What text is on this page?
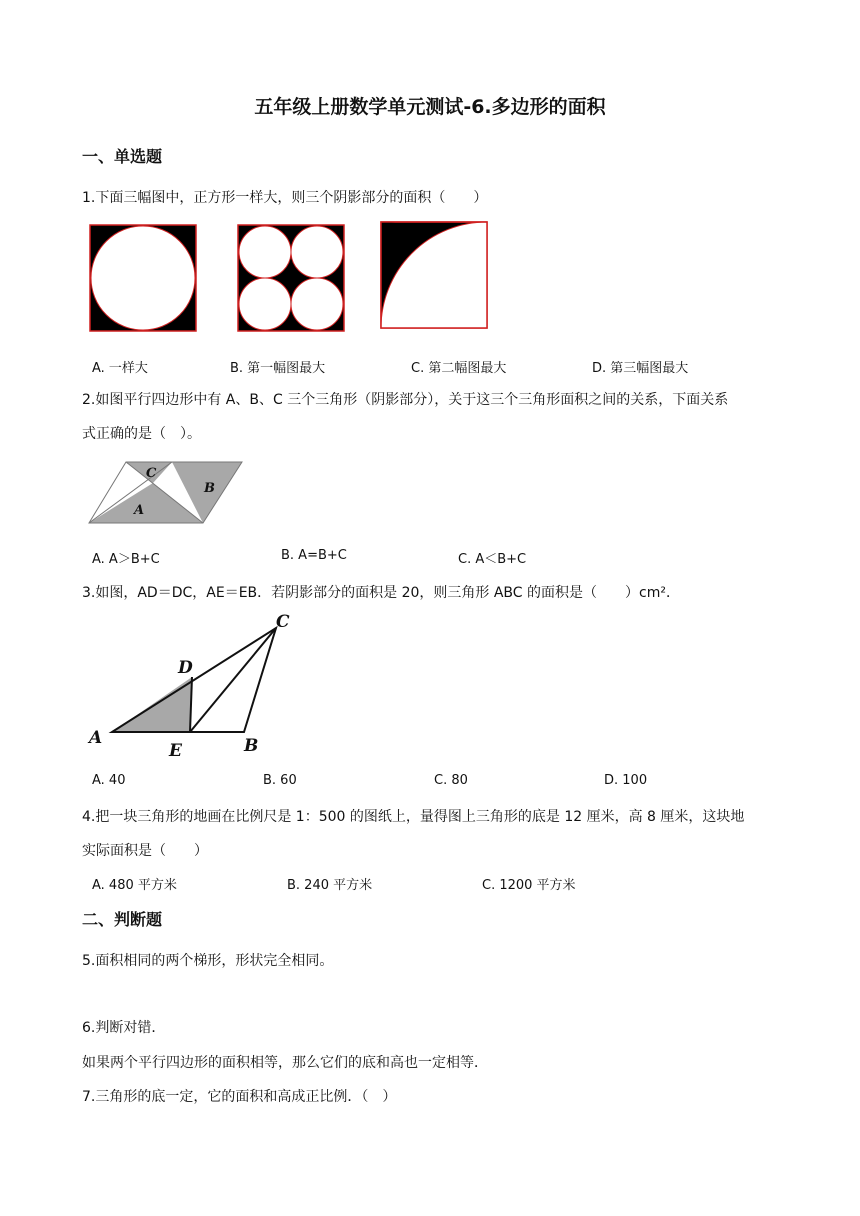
五年级上册数学单元测试-6.多边形的面积
一、单选题
1.下面三幅图中，正方形一样大，则三个阴影部分的面积（　　）
A. 一样大	B. 第一幅图最大	C. 第二幅图最大	D. 第三幅图最大
2.如图平行四边形中有 A、B、C 三个三角形（阴影部分），关于这三个三角形面积之间的关系，下面关系
式正确的是（　）。
C
B
A
A. A＞B+C	B. A=B+C	C. A＜B+C
3.如图，AD＝DC，AE＝EB．若阴影部分的面积是 20，则三角形 ABC 的面积是（　　）cm²．
A	B
C
D
E
A. 40	B. 60	C. 80	D. 100
4.把一块三角形的地画在比例尺是 1：500 的图纸上，量得图上三角形的底是 12 厘米，高 8 厘米，这块地
实际面积是（　　）
A. 480 平方米	B. 240 平方米	C. 1200 平方米
二、判断题
5.面积相同的两个梯形，形状完全相同。
6.判断对错．
如果两个平行四边形的面积相等，那么它们的底和高也一定相等．
7.三角形的底一定，它的面积和高成正比例．（　）
